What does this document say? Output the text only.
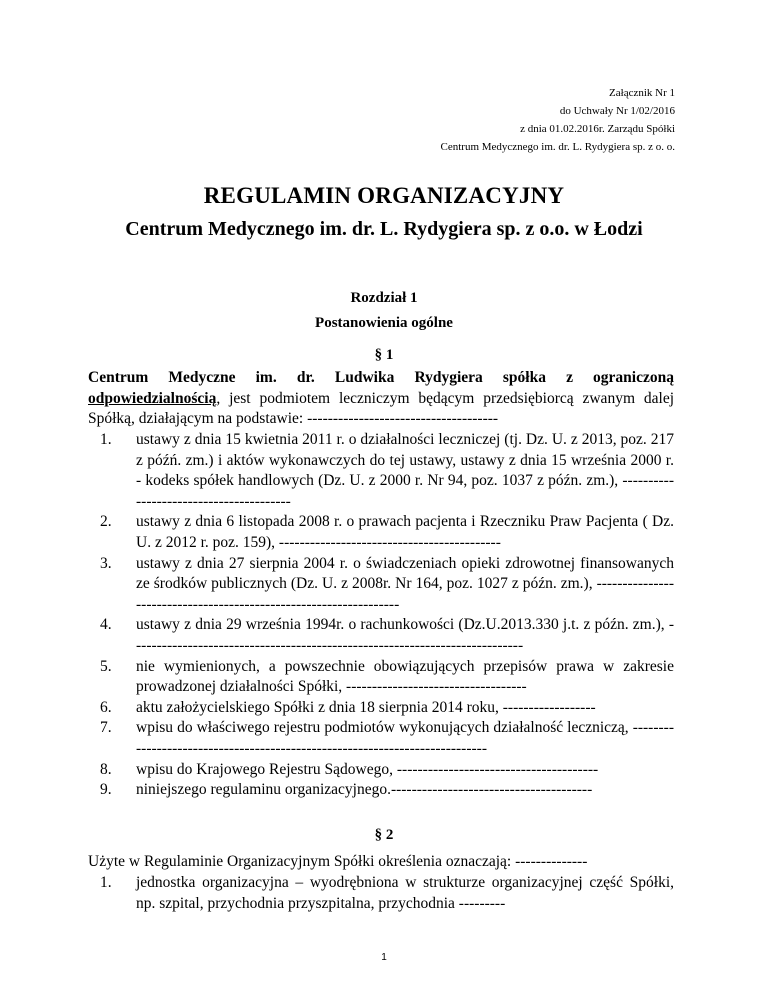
Załącznik Nr 1
do Uchwały Nr 1/02/2016
z dnia 01.02.2016r. Zarządu Spółki
Centrum Medycznego im. dr. L. Rydygiera sp. z o. o.
REGULAMIN ORGANIZACYJNY
Centrum Medycznego im. dr. L. Rydygiera sp. z o.o. w Łodzi
Rozdział 1
Postanowienia ogólne
§ 1
Centrum Medyczne im. dr. Ludwika Rydygiera spółka z ograniczoną odpowiedzialnością, jest podmiotem leczniczym będącym przedsiębiorcą zwanym dalej Spółką, działającym na podstawie: -------------------------------------
1. ustawy z dnia 15 kwietnia 2011 r. o działalności leczniczej (tj. Dz. U. z 2013, poz. 217 z późń. zm.) i aktów wykonawczych do tej ustawy, ustawy z dnia 15 września 2000 r. - kodeks spółek handlowych (Dz. U. z 2000 r. Nr 94, poz. 1037 z późn. zm.), ----------------------------------------
2. ustawy z dnia 6 listopada 2008 r. o prawach pacjenta i Rzeczniku Praw Pacjenta ( Dz. U. z 2012 r. poz. 159), -------------------------------------------
3. ustawy z dnia 27 sierpnia 2004 r. o świadczeniach opieki zdrowotnej finansowanych ze środków publicznych (Dz. U. z 2008r. Nr 164, poz. 1027 z późn. zm.), ------------------------------------------------------------------
4. ustawy z dnia 29 września 1994r. o rachunkowości (Dz.U.2013.330 j.t. z późn. zm.), ----------------------------------------------------------------------------
5. nie wymienionych, a powszechnie obowiązujących przepisów prawa w zakresie prowadzonej działalności Spółki, -----------------------------------
6. aktu założycielskiego Spółki z dnia 18 sierpnia 2014 roku, ------------------
7. wpisu do właściwego rejestru podmiotów wykonujących działalność leczniczą, ----------------------------------------------------------------------------
8. wpisu do Krajowego Rejestru Sądowego, ---------------------------------------
9. niniejszego regulaminu organizacyjnego.---------------------------------------
§ 2
Użyte w Regulaminie Organizacyjnym Spółki określenia oznaczają: --------------
1. jednostka organizacyjna – wyodrębniona w strukturze organizacyjnej część Spółki, np. szpital, przychodnia przyszpitalna, przychodnia ---------
1
